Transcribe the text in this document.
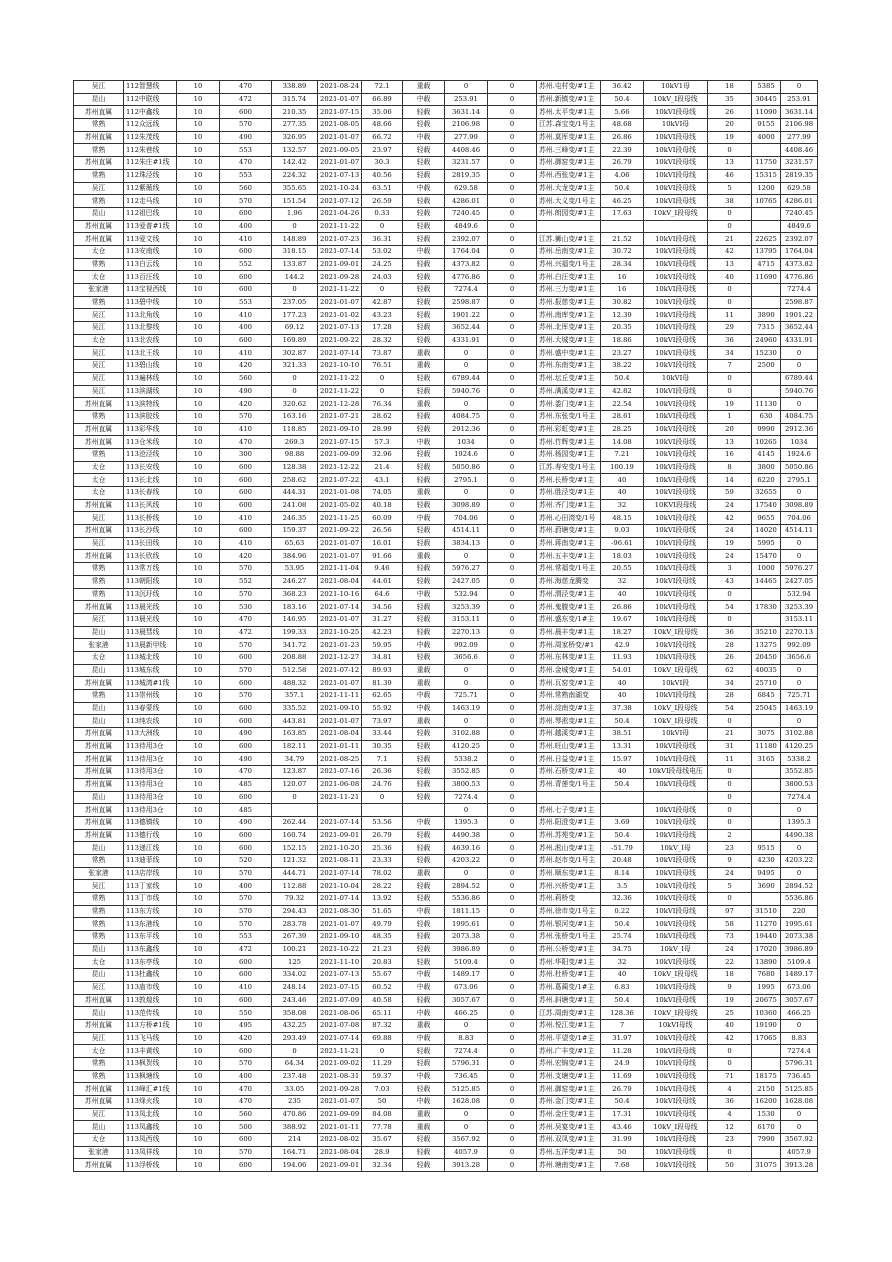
吴江	112智慧线	10	470	338.89	2021-08-24	72.1	重载	0	0	苏州.屯村变/#1主	36.42	10kV1母	18	5385	0
昆山	112中联线	10	472	315.74	2021-01-07	66.89	中载	253.91	0	苏州.新镇变/#1主	50.4	10kV_Ⅰ段母线	35	30445	253.91
苏州直属	112中鑫线	10	600	210.35	2021-07-15	35.06	轻载	3631.14	0	苏州.太平变/#1主	5.66	10kVⅠ段母线	26	11090	3631.14
常熟	112众远线	10	570	277.35	2021-08-05	48.66	轻载	2106.98	0	江苏.森宝变/1号主	48.68	10kVⅠ母	20	9155	2106.98
苏州直属	112朱茂线	10	490	326.95	2021-01-07	66.72	中载	277.99	0	苏州.莫厍变/#1主	26.86	10kVⅠ段母线	19	4000	277.99
常熟	112朱巷线	10	553	132.57	2021-09-05	23.97	轻载	4408.46	0	苏州.三峰变/#1主	22.39	10kVⅠ段母线	0		4408.46
苏州直属	112朱庄#1线	10	470	142.42	2021-01-07	30.3	轻载	3231.57	0	苏州.御窑变/#1主	26.79	10kVⅠ段母线	13	11750	3231.57
常熟	112珠泾线	10	553	224.32	2021-07-13	40.56	轻载	2819.35	0	苏州.西张变/#1主	4.06	10kVⅠ段母线	46	15315	2819.35
吴江	112紫薇线	10	560	355.65	2021-10-24	63.51	中载	629.58	0	苏州.大龙变/#1主	50.4	10kVI段母线	5	1200	629.58
常熟	112走马线	10	570	151.54	2021-07-12	26.59	轻载	4286.01	0	苏州.大义变/1号主	46.25	10kVⅠ段母线	38	10765	4286.01
昆山	112祖巴线	10	600	1.96	2021-04-26	0.33	轻载	7240.45	0	苏州.朗园变/#1主	17.63	10kV_Ⅰ段母线	0		7240.45
苏州直属	113爱普#1线	10	400	0	2021-11-22	0	轻载	4849.6	0				0		4849.6
苏州直属	113爱文线	10	410	148.89	2021-07-23	36.31	轻载	2392.07	0	江苏.狮山变/#1主	21.52	10kVⅠ段母线	21	22625	2392.07
太仓	113安南线	10	600	318.15	2021-07-14	53.02	中载	1764.04	0	苏州.岳南变/#1主	30.72	10kVⅠ段母线	42	13795	1764.04
常熟	113白云线	10	552	133.87	2021-09-01	24.25	轻载	4373.82	0	苏州.兴福变/1号主	28.34	10kVⅠ段母线	13	4715	4373.82
太仓	113百汪线	10	600	144.2	2021-09-28	24.03	轻载	4776.86	0	苏州.白汪变/#1主	16	10kVⅠ段母线	40	11690	4776.86
张家港	113宝视西线	10	600	0	2021-11-22	0	轻载	7274.4	0	苏州.三力变/#1主	16	10kVI段母线	0		7274.4
常熟	113碧中线	10	553	237.05	2021-01-07	42.87	轻载	2598.87	0	苏州.报慈变/#1主	30.82	10kVⅠ段母线	0		2598.87
吴江	113北角线	10	410	177.23	2021-01-02	43.23	轻载	1901.22	0	苏州.南库变/#1主	12.39	10kVⅠ段母线	11	3890	1901.22
吴江	113北黎线	10	400	69.12	2021-07-13	17.28	轻载	3652.44	0	苏州.北厍变/#1主	20.35	10kVⅠ段母线	29	7315	3652.44
太仓	113北农线	10	600	169.89	2021-09-22	28.32	轻载	4331.91	0	苏州.大城变/#1主	18.86	10kVⅠ段母线	36	24960	4331.91
吴江	113北王线	10	410	302.87	2021-07-14	73.87	重载	0	0	苏州.盛中变/#1主	23.27	10kVⅠ段母线	34	15230	0
吴江	113碧山线	10	420	321.33	2021-10-10	76.51	重载	0	0	苏州.东南变/#1主	38.22	10kVⅠ段母线	7	2500	0
吴江	113遍林线	10	560	0	2021-11-22	0	轻载	6789.44	0	苏州.坛丘变/#1主	50.4	10kVI母	0		6789.44
吴江	113滨湖线	10	490	0	2021-11-22	0	轻载	5940.76	0	苏州.满溪变/#1主	42.82	10kVⅠ段母线	0		5940.76
苏州直属	113滨特线	10	420	320.62	2021-12-28	76.34	重载	0	0	苏州.娄门变/#1主	22.54	10kVⅠ段母线	19	11130	0
常熟	113滨胶线	10	570	163.16	2021-07-21	28.62	轻载	4084.75	0	苏州.东张变/1号主	28.61	10kVⅠ段母线	1	630	4084.75
苏州直属	113彩华线	10	410	118.85	2021-09-10	28.99	轻载	2912.36	0	苏州.彩虹变/#1主	28.25	10kVⅠ段母线	20	9990	2912.36
苏州直属	113仓米线	10	470	269.3	2021-07-15	57.3	中载	1034	0	苏州.竹辉变/#1主	14.08	10kVⅠ段母线	13	10265	1034
常熟	113沧泾线	10	300	98.88	2021-09-09	32.96	轻载	1924.6	0	苏州.杨园变/#1主	7.21	10kVⅠ段母线	16	4145	1924.6
太仓	113长安线	10	600	128.38	2021-12-22	21.4	轻载	5050.86	0	江苏.寿安变/1号主	100.19	10kVⅠ段母线	8	3800	5050.86
太仓	113长北线	10	600	258.62	2021-07-22	43.1	轻载	2795.1	0	苏州.长桥变/#1主	40	10kVⅠ段母线	14	6220	2795.1
太仓	113长春线	10	600	444.31	2021-01-08	74.05	重载	0	0	苏州.胜泾变/#1主	40	10kVⅠ段母线	59	32655	0
苏州直属	113长风线	10	600	241.08	2021-05-02	40.18	轻载	3098.89	0	苏州.齐门变/#1主	32	10KVⅠ段母线	24	17540	3098.89
吴江	113长桥线	10	410	246.35	2021-11-25	60.09	中载	704.06	0	苏州.心田湾变/1号	48.15	10kVⅠ段母线	42	9655	704.06
苏州直属	113长沙线	10	600	159.37	2021-09-22	26.56	轻载	4514.11	0	苏州.葑塘变/#1主	9.03	10kVⅠ段母线	24	14020	4514.11
吴江	113长田线	10	410	65.63	2021-01-07	16.01	轻载	3834.13	0	苏州.蒋南变/#1主	-96.61	10kVⅠ段母线	19	5995	0
苏州直属	113长欣线	10	420	384.96	2021-01-07	91.66	重载	0	0	苏州.五丰变/#1主	18.03	10kVⅠ段母线	24	15470	0
常熟	113常万线	10	570	53.95	2021-11-04	9.46	轻载	5976.27	0	苏州.常福变/1号主	20.55	10kVⅠ段母线	3	1000	5976.27
常熟	113朝阳线	10	552	246.27	2021-08-04	44.61	轻载	2427.05	0	苏州.海慈龙腾变	32	10kVⅠ段母线	43	14465	2427.05
常熟	113沉圩线	10	570	368.23	2021-10-16	64.6	中载	532.94	0	苏州.渭泾变/#1主	40	10kVⅠ段母线	0		532.94
苏州直属	113晨光线	10	530	183.16	2021-07-14	34.56	轻载	3253.39	0	苏州.鬼腹变/#1主	26.86	10kVⅠ段母线	54	17830	3253.39
吴江	113晨光线	10	470	146.95	2021-01-07	31.27	轻载	3153.11	0	苏州.盛东变/1#主	19.67	10kVI段母线	0		3153.11
昆山	113晨彗线	10	472	199.33	2021-10-25	42.23	轻载	2270.13	0	苏州.晨丰变/#1主	18.27	10kV_Ⅰ段母线	36	35210	2270.13
张家港	113晨新甲线	10	570	341.72	2021-01-23	59.95	中载	992.09	0	苏州.周家桥变/#1	42.9	10kVI段母线	28	13275	992.09
太仓	113城北线	10	600	208.88	2021-12-27	34.81	轻载	3656.6	0	苏州.东林变/#1主	11.93	10kVⅠ段母线	26	20450	3656.6
昆山	113城东线	10	570	512.58	2021-07-12	89.93	重载	0	0	苏州.金城变/#1主	54.01	10kV_Ⅰ段母线	62	40035	0
苏州直属	113城湾#1线	10	600	488.32	2021-01-07	81.39	重载	0	0	苏州.瓦窑变/#1主	40	10kVⅠ段	34	25710	0
常熟	113崇州线	10	570	357.1	2021-11-11	62.65	中载	725.71	0	苏州.常熟南湖变	40	10kVⅠ段母线	28	6845	725.71
昆山	113春蒙线	10	600	335.52	2021-09-10	55.92	中载	1463.19	0	苏州.淀南变/#1主	37.38	10kV_Ⅰ段母线	54	25045	1463.19
昆山	113纯农线	10	600	443.81	2021-01-07	73.97	重载	0	0	苏州.琴淞变/#1主	50.4	10kV_Ⅰ段母线	0		0
苏州直属	113大洲线	10	490	163.85	2021-08-04	33.44	轻载	3102.88	0	苏州.越溪变/#1主	38.51	10kVI母	21	3075	3102.88
苏州直属	113待用3仓	10	600	182.11	2021-01-11	30.35	轻载	4120.25	0	苏州.旺山变/#1主	13.31	10kVⅠ段母线	31	11180	4120.25
苏州直属	113待用3仓	10	490	34.79	2021-08-25	7.1	轻载	5338.2	0	苏州.日益变/#1主	15.97	10kVⅠ段母线	11	3165	5338.2
苏州直属	113待用3仓	10	470	123.87	2021-07-16	26.36	轻载	3552.85	0	苏州.石桥变/#1主	40	10kVⅠ段母线电压	0		3552.85
苏州直属	113待用3仓	10	485	120.07	2021-06-08	24.76	轻载	3800.53	0	苏州.青莲变/1号主	50.4	10kVⅠ段母线	0		3800.53
昆山	113待用3仓	10	600	0	2021-11-21	0	轻载	7274.4	0				0		7274.4
苏州直属	113待用3仓	10	485					0	0	苏州.七子变/#1主		10kVⅠ段母线	0		0
苏州直属	113德镇线	10	490	262.44	2021-07-14	53.56	中载	1395.3	0	苏州.阳澄变/#1主	3.69	10kVⅠ段母线	0		1395.3
苏州直属	113德行线	10	600	160.74	2021-09-01	26.79	轻载	4490.38	0	苏州.苏苑变/#1主	50.4	10kVⅠ段母线	2		4490.38
昆山	113递江线	10	600	152.15	2021-10-20	25.36	轻载	4639.16	0	苏州.淞山变/#1主	-51.79	10kV_Ⅰ母	23	9515	0
常熟	113迪菲线	10	520	121.32	2021-08-11	23.33	轻载	4203.22	0	苏州.赵市变/1号主	20.48	10kVⅠ段母线	9	4230	4203.22
张家港	113店岸线	10	570	444.71	2021-07-14	78.02	重载	0	0	苏州.顺东变/#1主	8.14	10kVI段母线	24	9495	0
吴江	113丁家线	10	400	112.88	2021-10-04	28.22	轻载	2894.52	0	苏州.兴桥变/#1主	3.5	10kVⅠ段母线	5	3690	2894.52
常熟	113丁市线	10	570	79.32	2021-07-14	13.92	轻载	5536.86	0	苏州.莉桥变	32.36	10kVⅠ段母线	0		5536.86
常熟	113东方线	10	570	294.43	2021-08-30	51.65	中载	1811.15	0	苏州.徐市变/1号主	0.22	10kVⅠ段母线	97	31510	220
常熟	113东港线	10	570	283.78	2021-01-07	49.79	轻载	1995.61	0	苏州.银河变/#1主	50.4	10kVⅠ段母线	58	11270	1995.61
常熟	113东平线	10	553	267.39	2021-09-10	48.35	轻载	2073.38	0	苏州.张桥变/1号主	25.74	10kVⅠ段母线	73	19440	2073.38
昆山	113东鑫线	10	472	100.21	2021-10-22	21.23	轻载	3986.89	0	苏州.公桥变/#1主	34.75	10kV_Ⅰ母	24	17020	3986.89
太仓	113东亭线	10	600	125	2021-11-10	20.83	轻载	5109.4	0	苏州.华阳变/#1主	32	10kVⅠ段母线	22	13890	5109.4
昆山	113杜鑫线	10	600	334.02	2021-07-13	55.67	中载	1489.17	0	苏州.杜桥变/#1主	40	10kV_Ⅰ段母线	18	7680	1489.17
吴江	113庙市线	10	410	248.14	2021-07-15	60.52	中载	673.06	0	苏州.葛蔺变/1#主	6.83	10kVⅠ段母线	9	1995	673.06
苏州直属	113敦煌线	10	600	243.46	2021-07-09	40.58	轻载	3057.67	0	苏州.斜塘变/#1主	50.4	10kVⅠ段母线	19	20675	3057.67
昆山	113范传线	10	550	358.08	2021-08-06	65.11	中载	466.25	0	江苏.周南变/#1主	128.36	10kV_Ⅰ段母线	25	10360	466.25
苏州直属	113方桥#1线	10	495	432.25	2021-07-08	87.32	重载	0	0	苏州.悦江变/#1主	7	10kVⅠ母线	40	19190	0
吴江	113飞马线	10	420	293.49	2021-07-14	69.88	中载	8.83	0	苏州.平望变/1#主	31.97	10kVI段母线	42	17065	8.83
太仓	113丰黄线	10	600	0	2021-11-21	0	轻载	7274.4	0	苏州.广丰变/#1主	11.28	10kVⅠ段母线	0		7274.4
常熟	113枫贺线	10	570	64.34	2021-09-02	11.29	轻载	5796.31	0	苏州.宏锦变/#1主	24.9	10kVⅠ段母线	0		5796.31
常熟	113枫塘线	10	400	237.48	2021-08-31	59.37	中载	736.45	0	苏州.支塘变/#1主	11.69	10kVⅠ段母线	71	18175	736.45
苏州直属	113峰汇#1线	10	470	33.05	2021-09-28	7.03	轻载	5125.85	0	苏州.御窑变/#1主	26.79	10kVⅠ段母线	4	2150	5125.85
苏州直属	113烽火线	10	470	235	2021-01-07	50	中载	1628.08	0	苏州.金门变/#1主	50.4	10kVⅠ段母线	36	16200	1628.08
吴江	113凤北线	10	560	470.86	2021-09-09	84.08	重载	0	0	苏州.金庄变/#1主	17.31	10kVI段母线	4	1530	0
昆山	113凤鑫线	10	500	388.92	2021-01-11	77.78	重载	0	0	苏州.吴宴变/#1主	43.46	10kV_Ⅰ段母线	12	6170	0
太仓	113凤西线	10	600	214	2021-08-02	35.67	轻载	3567.92	0	苏州.双凤变/#1主	31.99	10kVⅠ段母线	23	7990	3567.92
张家港	113凤祥线	10	570	164.71	2021-08-04	28.9	轻载	4057.9	0	苏州.五洋变/#1主	50	10kVI段母线	0		4057.9
苏州直属	113浮桥线	10	600	194.06	2021-09-01	32.34	轻载	3913.28	0	苏州.塘南变/#1主	7.68	10kVⅠ段母线	50	31075	3913.28
